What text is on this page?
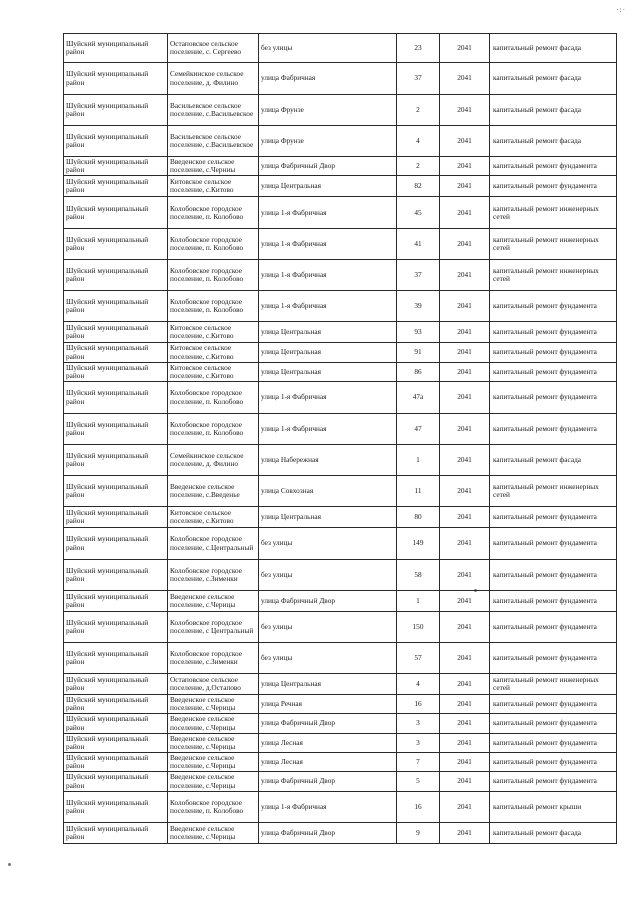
·:·
Шуйский муниципальный район	Остаповское сельское поселение, с. Сергеево	без улицы	23	2041	капитальный ремонт фасада
Шуйский муниципальный район	Семейкинское сельское поселение, д. Филино	улица Фабричная	37	2041	капитальный ремонт фасада
Шуйский муниципальный район	Васильевское сельское поселение, с.Васильевское	улица Фрунзе	2	2041	капитальный ремонт фасада
Шуйский муниципальный район	Васильевское сельское поселение, с.Васильевское	улица Фрунзе	4	2041	капитальный ремонт фасада
Шуйский муниципальный район	Введенское сельское поселение, с.Черниы	улица Фабричный Двор	2	2041	капитальный ремонт фундамента
Шуйский муниципальный район	Китовское сельское поселение, с.Китово	улица Центральная	82	2041	капитальный ремонт фундамента
Шуйский муниципальный район	Колобовское городское поселение, п. Колобово	улица 1-я Фабричная	45	2041	капитальный ремонт инженерных сетей
Шуйский муниципальный район	Колобовское городское поселение, п. Колобово	улица 1-я Фабричная	41	2041	капитальный ремонт инженерных сетей
Шуйский муниципальный район	Колобовское городское поселение, п. Колобово	улица 1-я Фабричная	37	2041	капитальный ремонт инженерных сетей
Шуйский муниципальный район	Колобовское городское поселение, п. Колобово	улица 1-я Фабричная	39	2041	капитальный ремонт фундамента
Шуйский муниципальный район	Китовское сельское поселение, с.Китово	улица Центральная	93	2041	капитальный ремонт фундамента
Шуйский муниципальный район	Китовское сельское поселение, с.Китово	улица Центральная	91	2041	капитальный ремонт фундамента
Шуйский муниципальный район	Китовское сельское поселение, с.Китово	улица Центральная	86	2041	капитальный ремонт фундамента
Шуйский муниципальный район	Колобовское городское поселение, п. Колобово	улица 1-я Фабричная	47а	2041	капитальный ремонт фундамента
Шуйский муниципальный район	Колобовское городское поселение, п. Колобово	улица 1-я Фабричная	47	2041	капитальный ремонт фундамента
Шуйский муниципальный район	Семейкинское сельское поселение, д. Филино	улица Набережная	1	2041	капитальный ремонт фасада
Шуйский муниципальный район	Введенское сельское поселение, с.Введенье	улица Совхозная	11	2041	капитальный ремонт инженерных сетей
Шуйский муниципальный район	Китовское сельское поселение, с.Китово	улица Центральная	80	2041	капитальный ремонт фундамента
Шуйский муниципальный район	Колобовское городское поселение, с.Центральный	без улицы	149	2041	капитальный ремонт фундамента
Шуйский муниципальный район	Колобовское городское поселение, с.Зименки	без улицы	58	2041	капитальный ремонт фундамента
Шуйский муниципальный район	Введенское сельское поселение, с.Черицы	улица Фабричный Двор	1	2041	капитальный ремонт фундамента
Шуйский муниципальный район	Колобовское городское поселение, с Центральный	без улицы	150	2041	капитальный ремонт фундамента
Шуйский муниципальный район	Колобовское городское поселение, с.Зименки	без улицы	57	2041	капитальный ремонт фундамента
Шуйский муниципальный район	Остаповское сельское поселение, д.Остапово	улица Центральная	4	2041	капитальный ремонт инженерных сетей
Шуйский муниципальный район	Введенское сельское поселение, с.Черицы	улица Речная	16	2041	капитальный ремонт фундамента
Шуйский муниципальный район	Введенское сельское поселение, с.Черицы	улица Фабричный Двор	3	2041	капитальный ремонт фундамента
Шуйский муниципальный район	Введенское сельское поселение, с.Черицы	улица Лесная	3	2041	капитальный ремонт фундамента
Шуйский муниципальный район	Введенское сельское поселение, с.Черицы	улица Лесная	7	2041	капитальный ремонт фундамента
Шуйский муниципальный район	Введенское сельское поселение, с.Черицы	улица Фабричный Двор	5	2041	капитальный ремонт фундамента
Шуйский муниципальный район	Колобовское городское поселение, п. Колобово	улица 1-я Фабричная	16	2041	капитальный ремонт крыши
Шуйский муниципальный район	Введенское сельское поселение, с.Черицы	улица Фабричный Двор	9	2041	капитальный ремонт фасада
